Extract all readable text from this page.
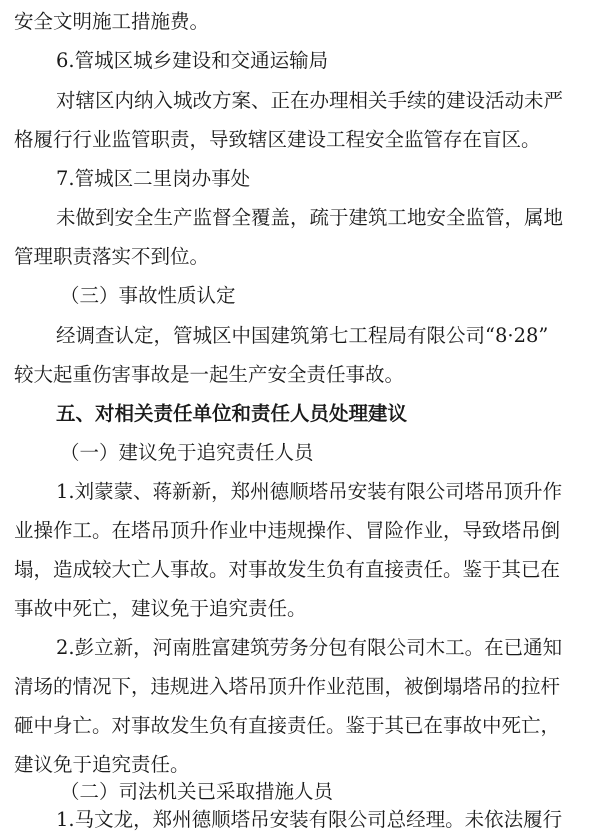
安全文明施工措施费。
6.管城区城乡建设和交通运输局
对辖区内纳入城改方案、正在办理相关手续的建设活动未严
格履行行业监管职责，导致辖区建设工程安全监管存在盲区。
7.管城区二里岗办事处
未做到安全生产监督全覆盖，疏于建筑工地安全监管，属地
管理职责落实不到位。
（三）事故性质认定
经调查认定，管城区中国建筑第七工程局有限公司“8·28”
较大起重伤害事故是一起生产安全责任事故。
五、对相关责任单位和责任人员处理建议
（一）建议免于追究责任人员
1.刘蒙蒙、蒋新新，郑州德顺塔吊安装有限公司塔吊顶升作
业操作工。在塔吊顶升作业中违规操作、冒险作业，导致塔吊倒
塌，造成较大亡人事故。对事故发生负有直接责任。鉴于其已在
事故中死亡，建议免于追究责任。
2.彭立新，河南胜富建筑劳务分包有限公司木工。在已通知
清场的情况下，违规进入塔吊顶升作业范围，被倒塌塔吊的拉杆
砸中身亡。对事故发生负有直接责任。鉴于其已在事故中死亡，
建议免于追究责任。
（二）司法机关已采取措施人员
1.马文龙，郑州德顺塔吊安装有限公司总经理。未依法履行
